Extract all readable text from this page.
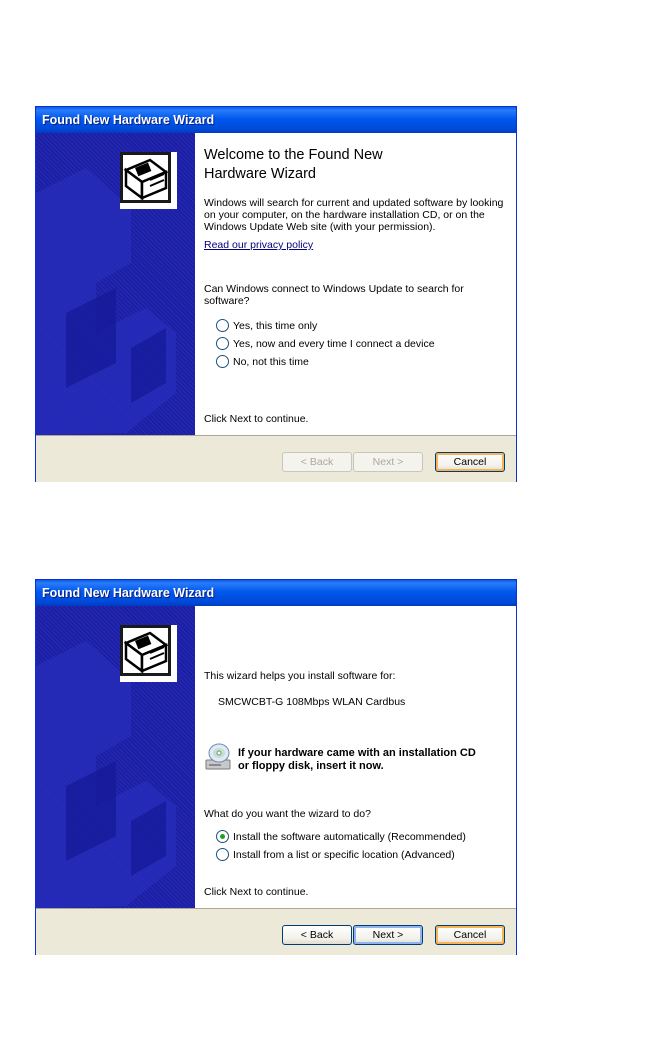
Found New Hardware Wizard
Welcome to the Found New
Hardware Wizard
Windows will search for current and updated software by looking on your computer, on the hardware installation CD, or on the Windows Update Web site (with your permission).
Read our privacy policy
Can Windows connect to Windows Update to search for software?
Yes, this time only
Yes, now and every time I connect a device
No, not this time
Click Next to continue.
< Back	Next >	Cancel
Found New Hardware Wizard
This wizard helps you install software for:
SMCWCBT-G 108Mbps WLAN Cardbus
If your hardware came with an installation CD
or floppy disk, insert it now.
What do you want the wizard to do?
Install the software automatically (Recommended)
Install from a list or specific location (Advanced)
Click Next to continue.
< Back	Next >	Cancel
